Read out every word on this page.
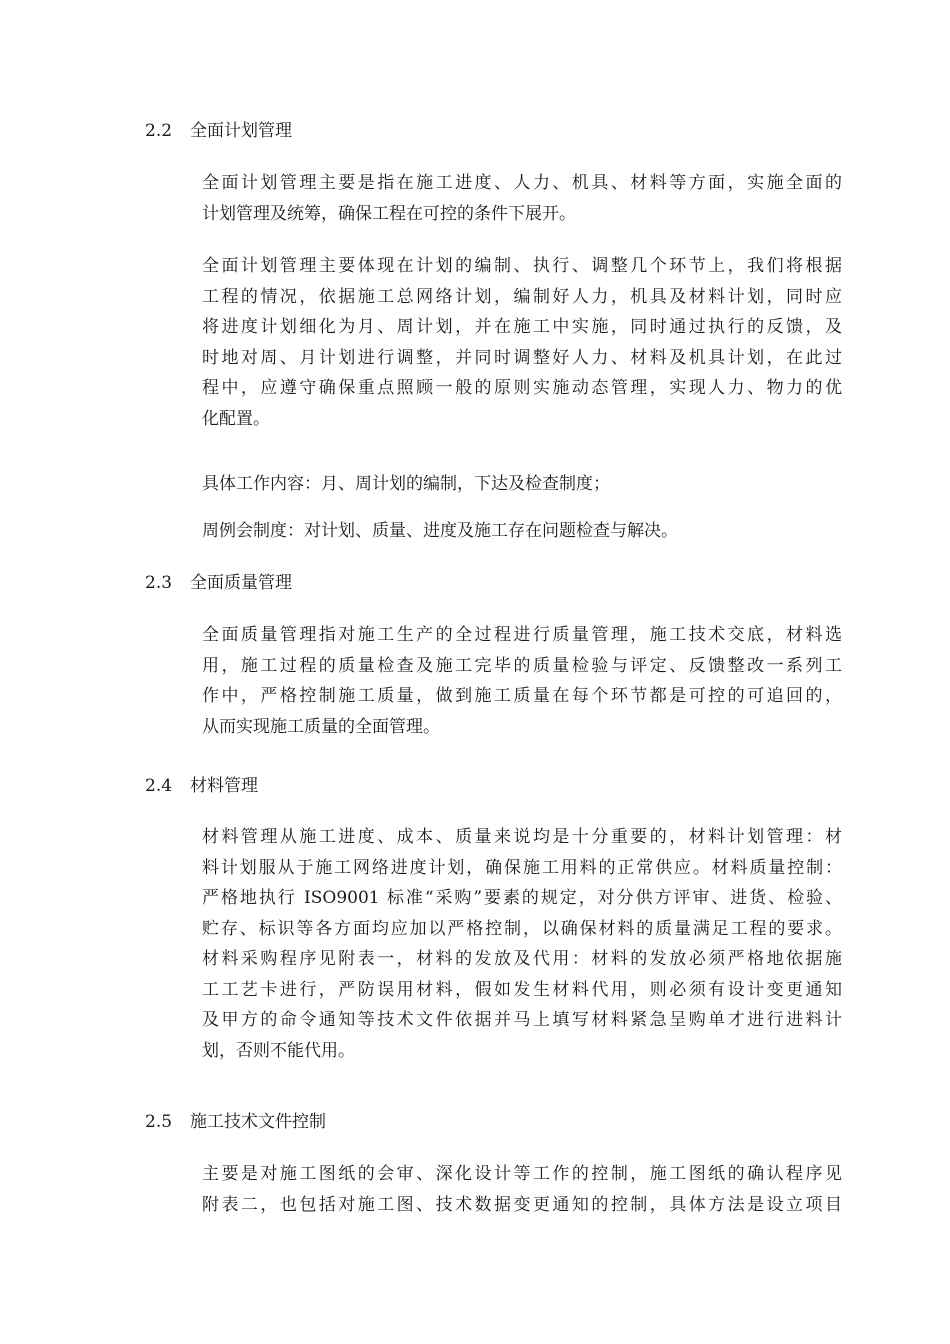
2.2 全面计划管理
全面计划管理主要是指在施工进度、人力、机具、材料等方面，实施全面的
计划管理及统筹，确保工程在可控的条件下展开。
全面计划管理主要体现在计划的编制、执行、调整几个环节上，我们将根据
工程的情况，依据施工总网络计划，编制好人力，机具及材料计划，同时应
将进度计划细化为月、周计划，并在施工中实施，同时通过执行的反馈，及
时地对周、月计划进行调整，并同时调整好人力、材料及机具计划，在此过
程中，应遵守确保重点照顾一般的原则实施动态管理，实现人力、物力的优
化配置。
具体工作内容：月、周计划的编制，下达及检查制度；
周例会制度：对计划、质量、进度及施工存在问题检查与解决。
2.3 全面质量管理
全面质量管理指对施工生产的全过程进行质量管理，施工技术交底，材料选
用，施工过程的质量检查及施工完毕的质量检验与评定、反馈整改一系列工
作中，严格控制施工质量，做到施工质量在每个环节都是可控的可追回的，
从而实现施工质量的全面管理。
2.4 材料管理
材料管理从施工进度、成本、质量来说均是十分重要的，材料计划管理：材
料计划服从于施工网络进度计划，确保施工用料的正常供应。材料质量控制：
严格地执行 ISO9001 标准“采购”要素的规定，对分供方评审、进货、检验、
贮存、标识等各方面均应加以严格控制，以确保材料的质量满足工程的要求。
材料采购程序见附表一，材料的发放及代用：材料的发放必须严格地依据施
工工艺卡进行，严防误用材料，假如发生材料代用，则必须有设计变更通知
及甲方的命令通知等技术文件依据并马上填写材料紧急呈购单才进行进料计
划，否则不能代用。
2.5 施工技术文件控制
主要是对施工图纸的会审、深化设计等工作的控制，施工图纸的确认程序见
附表二，也包括对施工图、技术数据变更通知的控制，具体方法是设立项目
